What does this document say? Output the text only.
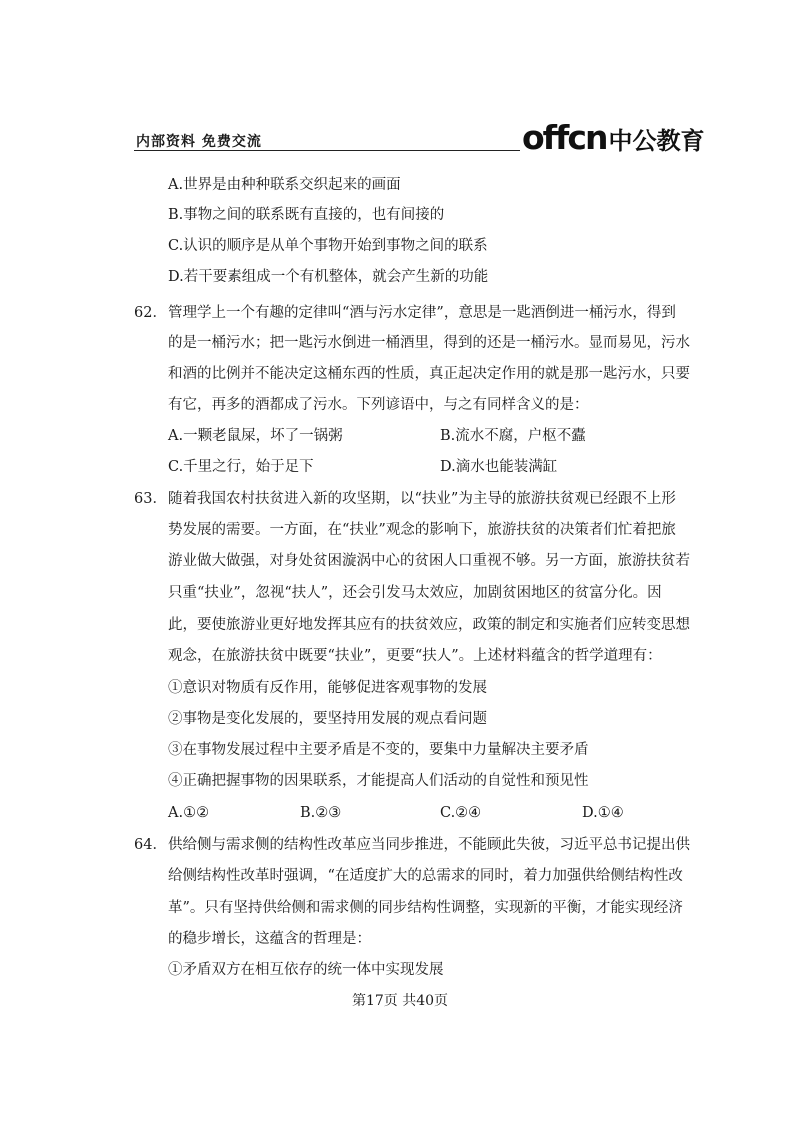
内部资料 免费交流	offcn 中公教育
A.世界是由种种联系交织起来的画面
B.事物之间的联系既有直接的，也有间接的
C.认识的顺序是从单个事物开始到事物之间的联系
D.若干要素组成一个有机整体，就会产生新的功能
62． 管理学上一个有趣的定律叫“酒与污水定律”，意思是一匙酒倒进一桶污水，得到
的是一桶污水；把一匙污水倒进一桶酒里，得到的还是一桶污水。显而易见，污水
和酒的比例并不能决定这桶东西的性质，真正起决定作用的就是那一匙污水，只要
有它，再多的酒都成了污水。下列谚语中，与之有同样含义的是：
A.一颗老鼠屎，坏了一锅粥	B.流水不腐，户枢不蠹
C.千里之行，始于足下	D.滴水也能装满缸
63． 随着我国农村扶贫进入新的攻坚期，以“扶业”为主导的旅游扶贫观已经跟不上形
势发展的需要。一方面，在“扶业”观念的影响下，旅游扶贫的决策者们忙着把旅
游业做大做强，对身处贫困漩涡中心的贫困人口重视不够。另一方面，旅游扶贫若
只重“扶业”，忽视“扶人”，还会引发马太效应，加剧贫困地区的贫富分化。因
此，要使旅游业更好地发挥其应有的扶贫效应，政策的制定和实施者们应转变思想
观念，在旅游扶贫中既要“扶业”，更要“扶人”。上述材料蕴含的哲学道理有：
①意识对物质有反作用，能够促进客观事物的发展
②事物是变化发展的，要坚持用发展的观点看问题
③在事物发展过程中主要矛盾是不变的，要集中力量解决主要矛盾
④正确把握事物的因果联系，才能提高人们活动的自觉性和预见性
A.①②	B.②③	C.②④	D.①④
64． 供给侧与需求侧的结构性改革应当同步推进，不能顾此失彼，习近平总书记提出供
给侧结构性改革时强调，“在适度扩大的总需求的同时，着力加强供给侧结构性改
革”。只有坚持供给侧和需求侧的同步结构性调整，实现新的平衡，才能实现经济
的稳步增长，这蕴含的哲理是：
①矛盾双方在相互依存的统一体中实现发展
第17页 共40页
